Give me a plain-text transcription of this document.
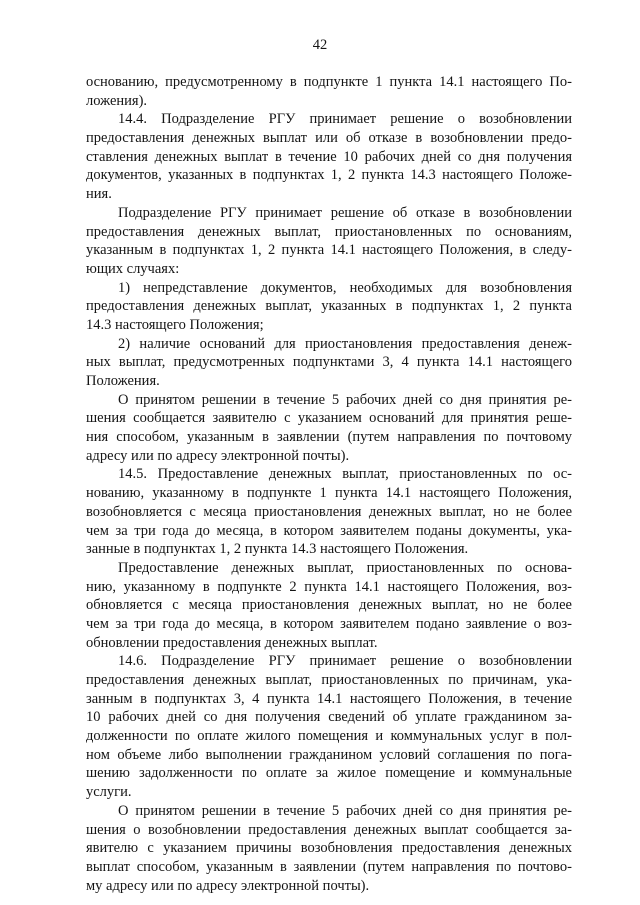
42

основанию, предусмотренному в подпункте 1 пункта 14.1 настоящего По-
ложения).
14.4. Подразделение РГУ принимает решение о возобновлении
предоставления денежных выплат или об отказе в возобновлении предо-
ставления денежных выплат в течение 10 рабочих дней со дня получения
документов, указанных в подпунктах 1, 2 пункта 14.3 настоящего Положе-
ния.
Подразделение РГУ принимает решение об отказе в возобновлении
предоставления денежных выплат, приостановленных по основаниям,
указанным в подпунктах 1, 2 пункта 14.1 настоящего Положения, в следу-
ющих случаях:
1) непредставление документов, необходимых для возобновления
предоставления денежных выплат, указанных в подпунктах 1, 2 пункта
14.3 настоящего Положения;
2) наличие оснований для приостановления предоставления денеж-
ных выплат, предусмотренных подпунктами 3, 4 пункта 14.1 настоящего
Положения.
О принятом решении в течение 5 рабочих дней со дня принятия ре-
шения сообщается заявителю с указанием оснований для принятия реше-
ния способом, указанным в заявлении (путем направления по почтовому
адресу или по адресу электронной почты).
14.5. Предоставление денежных выплат, приостановленных по ос-
нованию, указанному в подпункте 1 пункта 14.1 настоящего Положения,
возобновляется с месяца приостановления денежных выплат, но не более
чем за три года до месяца, в котором заявителем поданы документы, ука-
занные в подпунктах 1, 2 пункта 14.3 настоящего Положения.
Предоставление денежных выплат, приостановленных по основа-
нию, указанному в подпункте 2 пункта 14.1 настоящего Положения, воз-
обновляется с месяца приостановления денежных выплат, но не более
чем за три года до месяца, в котором заявителем подано заявление о воз-
обновлении предоставления денежных выплат.
14.6. Подразделение РГУ принимает решение о возобновлении
предоставления денежных выплат, приостановленных по причинам, ука-
занным в подпунктах 3, 4 пункта 14.1 настоящего Положения, в течение
10 рабочих дней со дня получения сведений об уплате гражданином за-
долженности по оплате жилого помещения и коммунальных услуг в пол-
ном объеме либо выполнении гражданином условий соглашения по пога-
шению задолженности по оплате за жилое помещение и коммунальные
услуги.
О принятом решении в течение 5 рабочих дней со дня принятия ре-
шения о возобновлении предоставления денежных выплат сообщается за-
явителю с указанием причины возобновления предоставления денежных
выплат способом, указанным в заявлении (путем направления по почтово-
му адресу или по адресу электронной почты).
